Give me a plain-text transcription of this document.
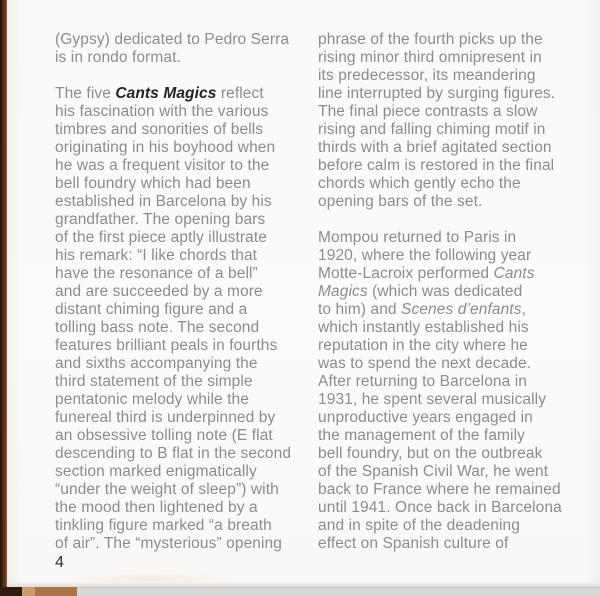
(Gypsy) dedicated to Pedro Serra
is in rondo format.
The five Cants Magics reflect
his fascination with the various
timbres and sonorities of bells
originating in his boyhood when
he was a frequent visitor to the
bell foundry which had been
established in Barcelona by his
grandfather. The opening bars
of the first piece aptly illustrate
his remark: “I like chords that
have the resonance of a bell”
and are succeeded by a more
distant chiming figure and a
tolling bass note. The second
features brilliant peals in fourths
and sixths accompanying the
third statement of the simple
pentatonic melody while the
funereal third is underpinned by
an obsessive tolling note (E flat
descending to B flat in the second
section marked enigmatically
“under the weight of sleep”) with
the mood then lightened by a
tinkling figure marked “a breath
of air”. The “mysterious” opening
phrase of the fourth picks up the
rising minor third omnipresent in
its predecessor, its meandering
line interrupted by surging figures.
The final piece contrasts a slow
rising and falling chiming motif in
thirds with a brief agitated section
before calm is restored in the final
chords which gently echo the
opening bars of the set.
Mompou returned to Paris in
1920, where the following year
Motte-Lacroix performed Cants
Magics (which was dedicated
to him) and Scenes d’enfants,
which instantly established his
reputation in the city where he
was to spend the next decade.
After returning to Barcelona in
1931, he spent several musically
unproductive years engaged in
the management of the family
bell foundry, but on the outbreak
of the Spanish Civil War, he went
back to France where he remained
until 1941. Once back in Barcelona
and in spite of the deadening
effect on Spanish culture of
4
